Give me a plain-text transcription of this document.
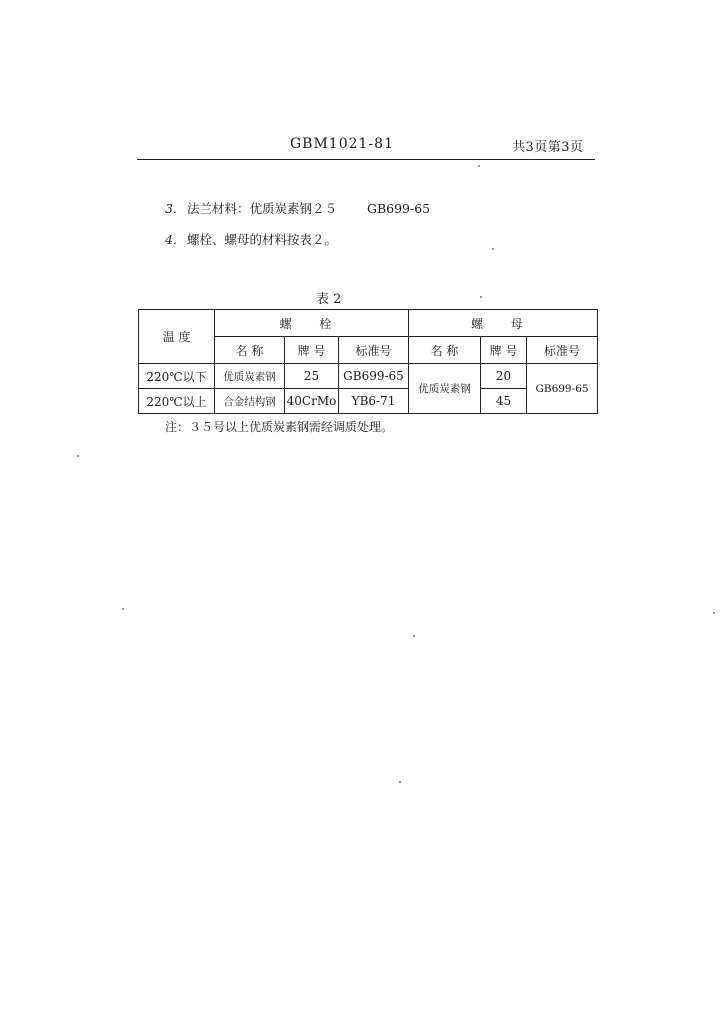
GBM1021-81	共3页第3页
3. 法兰材料：优质炭素钢２５ GB699-65
4. 螺栓、螺母的材料按表２。
表 2
温 度	螺 栓			螺 母		
	名 称	牌 号	标准号	名 称	牌 号	标准号
220℃以下	优质炭素钢	25	GB699-65	优质炭素钢	20	GB699-65
220℃以上	合金结构钢	40CrMo	YB6-71		45	
注：３５号以上优质炭素钢需经调质处理。
